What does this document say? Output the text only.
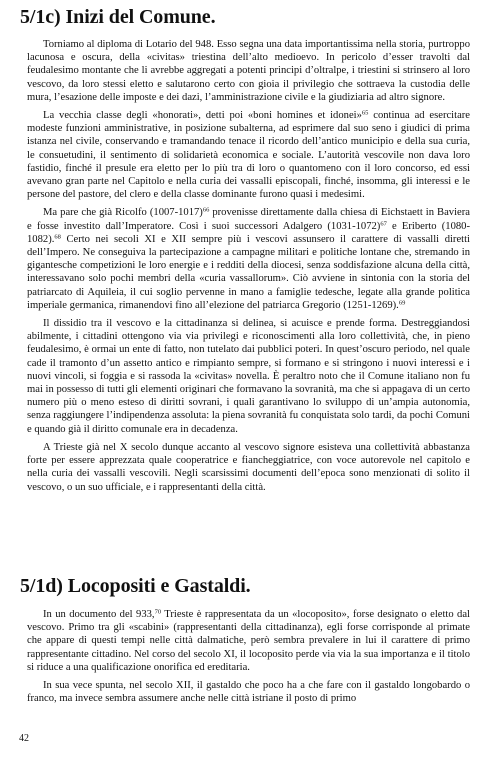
5/1c) Inizi del Comune.

Torniamo al diploma di Lotario del 948. Esso segna una data importantissima nella storia, purtroppo lacunosa e oscura, della «civitas» triestina dell’alto medioevo. In pericolo d’esser travolti dal feudalesimo montante che li avrebbe aggregati a potenti principi d’oltralpe, i triestini si strinsero al loro vescovo, da loro stessi eletto e salutarono certo con gioia il privilegio che sottraeva la custodia delle mura, l’esazione delle imposte e dei dazi, l’amministrazione civile e la giudiziaria ad altro signore.

La vecchia classe degli «honorati», detti poi «boni homines et idonei»$^{65}$ continua ad esercitare modeste funzioni amministrative, in posizione subalterna, ad esprimere dal suo seno i giudici di prima istanza nel civile, conservando e tramandando tenace il ricordo dell’antico municipio e della sua curia, le consuetudini, il sentimento di solidarietà economica e sociale. L’autorità vescovile non dava loro fastidio, finché il presule era eletto per lo più tra di loro o quantomeno con il loro concorso, ed essi avevano gran parte nel Capitolo e nella curia dei vassalli episcopali, finché, insomma, gli interessi e le persone del pastore, del clero e della classe dominante furono quasi i medesimi.

Ma pare che già Ricolfo (1007-1017)$^{66}$ provenisse direttamente dalla chiesa di Eichstaett in Baviera e fosse investito dall’Imperatore. Così i suoi successori Adalgero (1031-1072)$^{67}$ e Eriberto (1080-1082).$^{68}$ Certo nei secoli XI e XII sempre più i vescovi assunsero il carattere di vassalli diretti dell’Impero. Ne conseguiva la partecipazione a campagne militari e politiche lontane che, stremando in gigantesche competizioni le loro energie e i redditi della diocesi, senza soddisfazione alcuna della città, interessavano solo pochi membri della «curia vassallorum». Ciò avviene in sintonia con la storia del patriarcato di Aquileia, il cui soglio pervenne in mano a famiglie tedesche, legate alla grande politica imperiale germanica, rimanendovi fino all’elezione del patriarca Gregorio (1251-1269).$^{69}$

Il dissidio tra il vescovo e la cittadinanza si delinea, si acuisce e prende forma. Destreggiandosi abilmente, i cittadini ottengono via via privilegi e riconoscimenti alla loro collettività, che, in pieno feudalesimo, è ormai un ente di fatto, non tutelato dai pubblici poteri. In quest’oscuro periodo, nel quale cade il tramonto d’un assetto antico e rimpianto sempre, si formano e si stringono i nuovi interessi e i nuovi vincoli, si foggia e si rassoda la «civitas» novella. È peraltro noto che il Comune italiano non fu mai in possesso di tutti gli elementi originari che formavano la sovranità, ma che si appagava di un certo numero più o meno esteso di diritti sovrani, i quali garantivano lo sviluppo di un’ampia autonomia, senza raggiungere l’indipendenza assoluta: la piena sovranità fu conquistata solo tardi, da pochi Comuni e quando già il diritto comunale era in decadenza.

A Trieste già nel X secolo dunque accanto al vescovo signore esisteva una collettività abbastanza forte per essere apprezzata quale cooperatrice e fiancheggiatrice, con voce autorevole nel capitolo e nella curia dei vassalli vescovili. Negli scarsissimi documenti dell’epoca sono menzionati di solito il vescovo, o un suo ufficiale, e i rappresentanti della città.

5/1d) Locopositi e Gastaldi.

In un documento del 933,70 Trieste è rappresentata da un «locoposito», forse designato o eletto dal vescovo. Primo tra gli «scabini» (rappresentanti della cittadinanza), egli forse corrisponde al primate che appare di questi tempi nelle città dalmatiche, però sembra prevalere in lui il carattere di primo rappresentante cittadino. Nel corso del secolo XI, il locoposito perde via via la sua importanza e il titolo si riduce a una qualificazione onorifica ed ereditaria.

In sua vece spunta, nel secolo XII, il gastaldo che poco ha a che fare con il gastaldo longobardo o franco, ma invece sembra assumere anche nelle città istriane il posto di primo

42
